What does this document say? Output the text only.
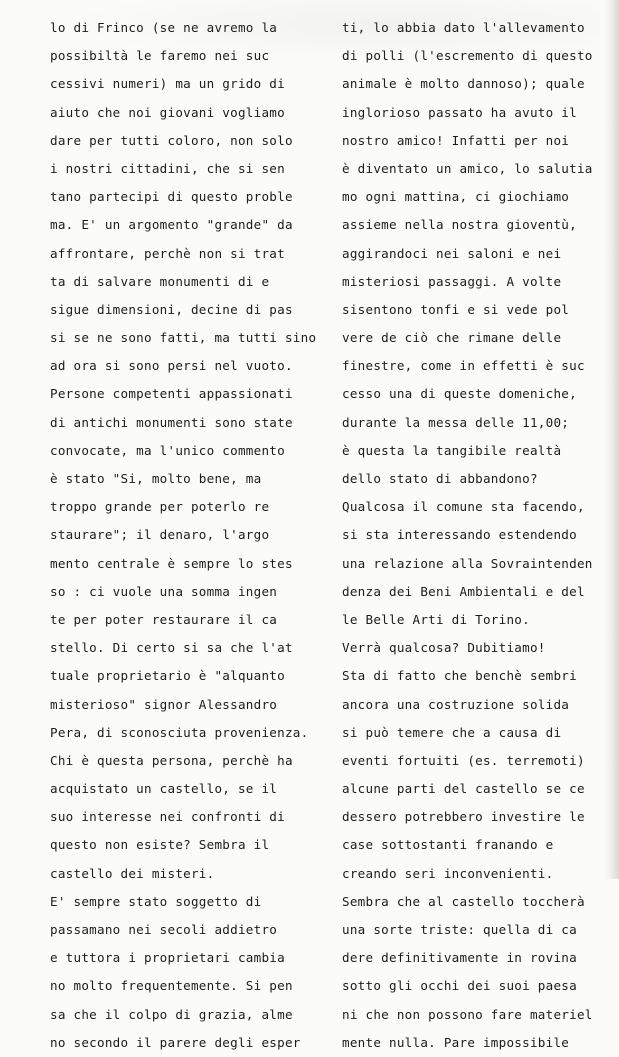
lo di Frinco (se ne avremo la
possibiltà le faremo nei suc
cessivi numeri) ma un grido di
aiuto che noi giovani vogliamo
dare per tutti coloro, non solo
i nostri cittadini, che si sen
tano partecipi di questo proble
ma. E' un argomento "grande" da
affrontare, perchè non si trat
ta di salvare monumenti di e
sigue dimensioni, decine di pas
si se ne sono fatti, ma tutti sino
ad ora si sono persi nel vuoto.
Persone competenti appassionati
di antichi monumenti sono state
convocate, ma l'unico commento
è stato "Si, molto bene, ma
troppo grande per poterlo re
staurare"; il denaro, l'argo
mento centrale è sempre lo stes
so : ci vuole una somma ingen
te per poter restaurare il ca
stello. Di certo si sa che l'at
tuale proprietario è "alquanto
misterioso" signor Alessandro
Pera, di sconosciuta provenienza.
Chi è questa persona, perchè ha
acquistato un castello, se il
suo interesse nei confronti di
questo non esiste? Sembra il
castello dei misteri.
E' sempre stato soggetto di
passamano nei secoli addietro
e tuttora i proprietari cambia
no molto frequentemente. Si pen
sa che il colpo di grazia, alme
no secondo il parere degli esper
ti, lo abbia dato l'allevamento
di polli (l'escremento di questo
animale è molto dannoso); quale
inglorioso passato ha avuto il
nostro amico! Infatti per noi
è diventato un amico, lo salutia
mo ogni mattina, ci giochiamo
assieme nella nostra gioventù,
aggirandoci nei saloni e nei
misteriosi passaggi. A volte
sisentono tonfi e si vede pol
vere de ciò che rimane delle
finestre, come in effetti è suc
cesso una di queste domeniche,
durante la messa delle 11,00;
è questa la tangibile realtà
dello stato di abbandono?
Qualcosa il comune sta facendo,
si sta interessando estendendo
una relazione alla Sovraintenden
denza dei Beni Ambientali e del
le Belle Arti di Torino.
Verrà qualcosa? Dubitiamo!
Sta di fatto che benchè sembri
ancora una costruzione solida
si può temere che a causa di
eventi fortuiti (es. terremoti)
alcune parti del castello se ce
dessero potrebbero investire le
case sottostanti franando e
creando seri inconvenienti.
Sembra che al castello toccherà
una sorte triste: quella di ca
dere definitivamente in rovina
sotto gli occhi dei suoi paesa
ni che non possono fare materiel
mente nulla. Pare impossibile
